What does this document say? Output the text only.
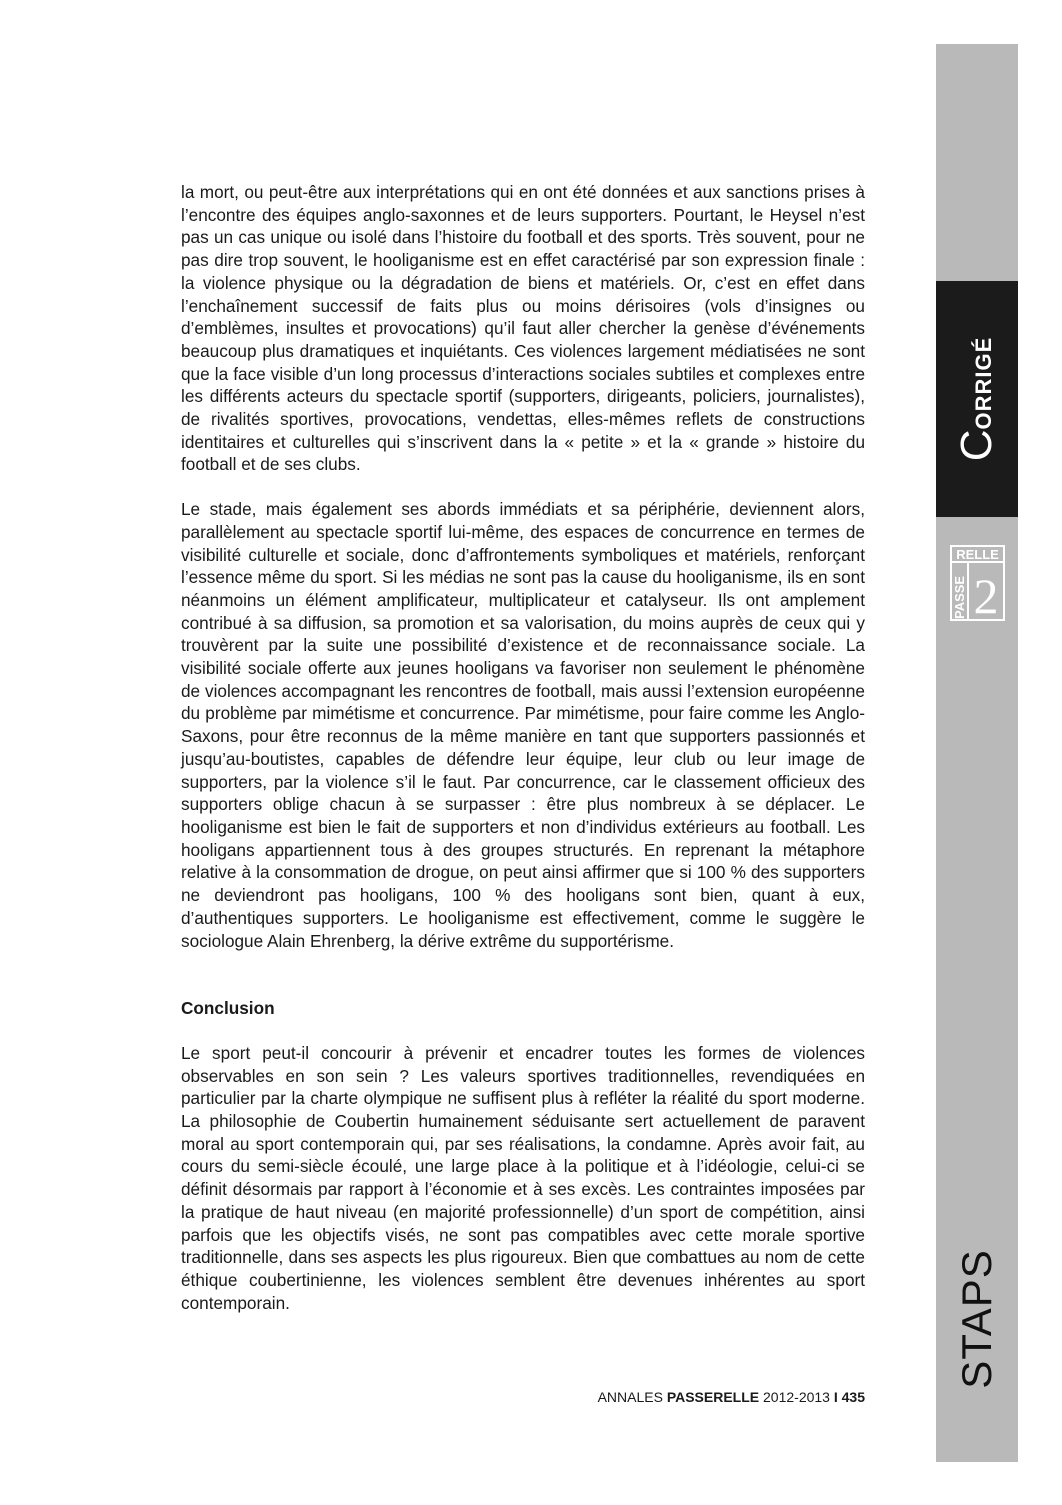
CORRIGÉ
RELLE
PASSE 2
STAPS

la mort, ou peut-être aux interprétations qui en ont été données et aux sanctions prises à l’encontre des équipes anglo-saxonnes et de leurs supporters. Pourtant, le Heysel n’est pas un cas unique ou isolé dans l’histoire du football et des sports. Très souvent, pour ne pas dire trop souvent, le hooliganisme est en effet caractérisé par son expression finale : la violence physique ou la dégradation de biens et matériels. Or, c’est en effet dans l’enchaînement successif de faits plus ou moins dérisoires (vols d’insignes ou d’emblèmes, insultes et provocations) qu’il faut aller chercher la genèse d’événements beaucoup plus dramatiques et inquiétants. Ces violences largement médiatisées ne sont que la face visible d’un long processus d’interactions sociales subtiles et complexes entre les différents acteurs du spectacle sportif (supporters, dirigeants, policiers, journalistes), de rivalités sportives, provocations, vendettas, elles-mêmes reflets de constructions identitaires et culturelles qui s’inscrivent dans la « petite » et la « grande » histoire du football et de ses clubs.

Le stade, mais également ses abords immédiats et sa périphérie, deviennent alors, parallèlement au spectacle sportif lui-même, des espaces de concurrence en termes de visibilité culturelle et sociale, donc d’affrontements symboliques et matériels, renforçant l’essence même du sport. Si les médias ne sont pas la cause du hooliganisme, ils en sont néanmoins un élément amplificateur, multiplicateur et catalyseur. Ils ont amplement contribué à sa diffusion, sa promotion et sa valorisation, du moins auprès de ceux qui y trouvèrent par la suite une possibilité d’existence et de reconnaissance sociale. La visibilité sociale offerte aux jeunes hooligans va favoriser non seulement le phénomène de violences accompagnant les rencontres de football, mais aussi l’extension européenne du problème par mimétisme et concurrence. Par mimétisme, pour faire comme les Anglo-Saxons, pour être reconnus de la même manière en tant que supporters passionnés et jusqu’au-boutistes, capables de défendre leur équipe, leur club ou leur image de supporters, par la violence s’il le faut. Par concurrence, car le classement officieux des supporters oblige chacun à se surpasser : être plus nombreux à se déplacer. Le hooliganisme est bien le fait de supporters et non d’individus extérieurs au football. Les hooligans appartiennent tous à des groupes structurés. En reprenant la métaphore relative à la consommation de drogue, on peut ainsi affirmer que si 100 % des supporters ne deviendront pas hooligans, 100 % des hooligans sont bien, quant à eux, d’authentiques supporters. Le hooliganisme est effectivement, comme le suggère le sociologue Alain Ehrenberg, la dérive extrême du supportérisme.

Conclusion

Le sport peut-il concourir à prévenir et encadrer toutes les formes de violences observables en son sein ? Les valeurs sportives traditionnelles, revendiquées en particulier par la charte olympique ne suffisent plus à refléter la réalité du sport moderne. La philosophie de Coubertin humainement séduisante sert actuellement de paravent moral au sport contemporain qui, par ses réalisations, la condamne. Après avoir fait, au cours du semi-siècle écoulé, une large place à la politique et à l’idéologie, celui-ci se définit désormais par rapport à l’économie et à ses excès. Les contraintes imposées par la pratique de haut niveau (en majorité professionnelle) d’un sport de compétition, ainsi parfois que les objectifs visés, ne sont pas compatibles avec cette morale sportive traditionnelle, dans ses aspects les plus rigoureux. Bien que combattues au nom de cette éthique coubertinienne, les violences semblent être devenues inhérentes au sport contemporain.

ANNALES PASSERELLE 2012-2013 I 435
